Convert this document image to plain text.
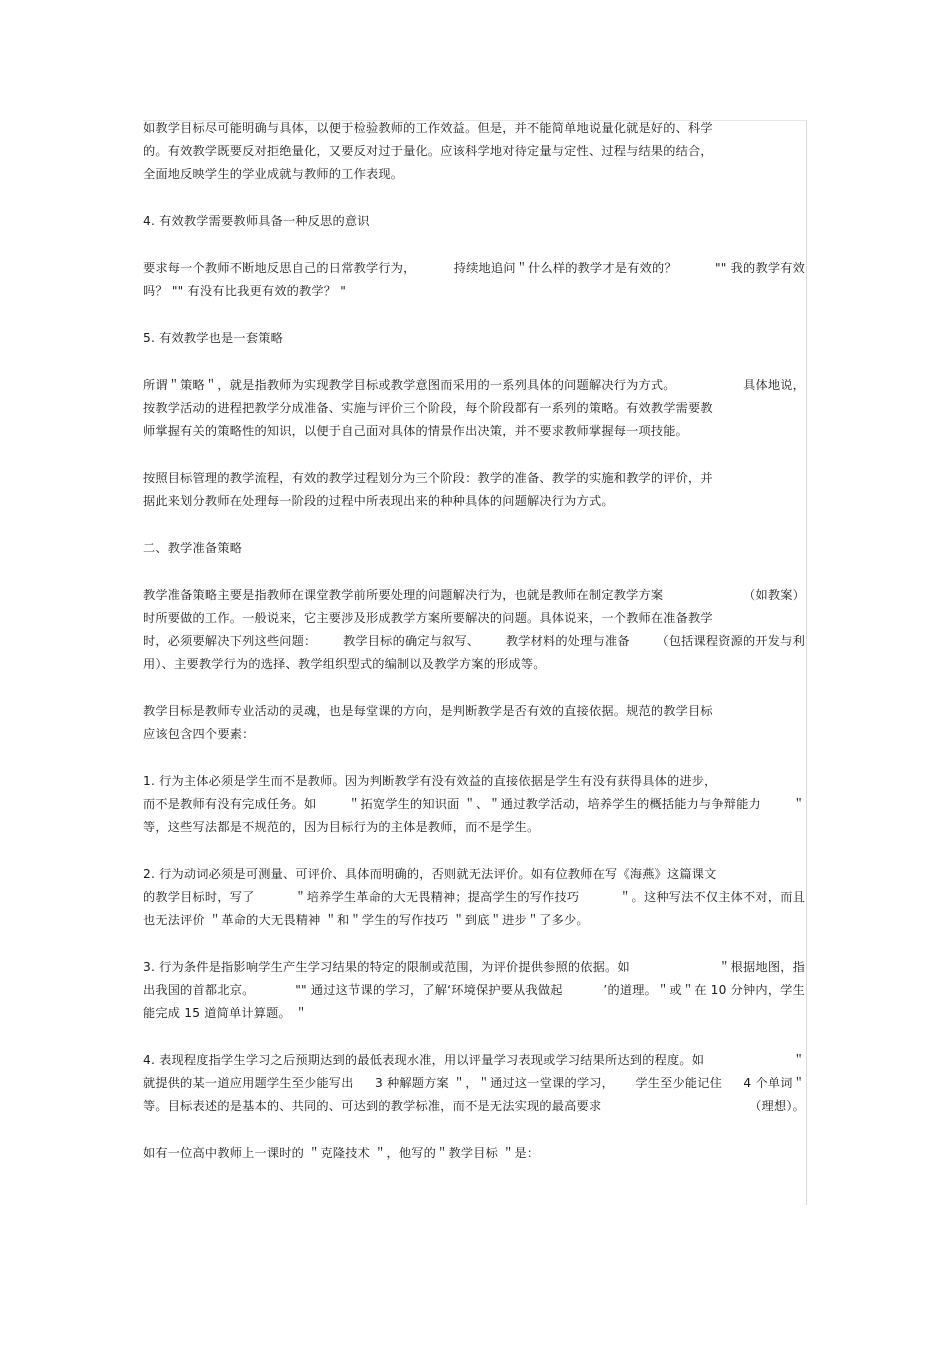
如教学目标尽可能明确与具体，以便于检验教师的工作效益。但是，并不能简单地说量化就是好的、科学
的。有效教学既要反对拒绝量化，又要反对过于量化。应该科学地对待定量与定性、过程与结果的结合，
全面地反映学生的学业成就与教师的工作表现。

4. 有效教学需要教师具备一种反思的意识

要求每一个教师不断地反思自己的日常教学行为，	持续地追问＂什么样的教学才是有效的？	"" 我的教学有效
吗？ "" 有没有比我更有效的教学？ "

5. 有效教学也是一套策略

所谓＂策略＂，就是指教师为实现教学目标或教学意图而采用的一系列具体的问题解决行为方式。	具体地说，
按教学活动的进程把教学分成准备、实施与评价三个阶段，每个阶段都有一系列的策略。有效教学需要教
师掌握有关的策略性的知识，以便于自己面对具体的情景作出决策，并不要求教师掌握每一项技能。

按照目标管理的教学流程，有效的教学过程划分为三个阶段：教学的准备、教学的实施和教学的评价，并
据此来划分教师在处理每一阶段的过程中所表现出来的种种具体的问题解决行为方式。

二、教学准备策略

教学准备策略主要是指教师在课堂教学前所要处理的问题解决行为，也就是教师在制定教学方案	（如教案）
时所要做的工作。一般说来，它主要涉及形成教学方案所要解决的问题。具体说来，一个教师在准备教学
时，必须要解决下列这些问题： 教学目标的确定与叙写、 教学材料的处理与准备 （包括课程资源的开发与利
用）、主要教学行为的选择、教学组织型式的编制以及教学方案的形成等。

教学目标是教师专业活动的灵魂，也是每堂课的方向，是判断教学是否有效的直接依据。规范的教学目标
应该包含四个要素：

1. 行为主体必须是学生而不是教师。因为判断教学有没有效益的直接依据是学生有没有获得具体的进步，
而不是教师有没有完成任务。如	＂拓宽学生的知识面 ＂、＂通过教学活动，培养学生的概括能力与争辩能力	＂
等，这些写法都是不规范的，因为目标行为的主体是教师，而不是学生。

2. 行为动词必须是可测量、可评价、具体而明确的，否则就无法评价。如有位教师在写《海燕》这篇课文
的教学目标时，写了	＂培养学生革命的大无畏精神；提高学生的写作技巧	＂。这种写法不仅主体不对，而且
也无法评价 ＂革命的大无畏精神 ＂和＂学生的写作技巧 ＂到底＂进步＂了多少。

3. 行为条件是指影响学生产生学习结果的特定的限制或范围，为评价提供参照的依据。如	＂根据地图，指
出我国的首都北京。	"" 通过这节课的学习，了解‘环境保护要从我做起	’的道理。＂或＂在 10 分钟内，学生
能完成 15 道简单计算题。 ＂

4. 表现程度指学生学习之后预期达到的最低表现水准，用以评量学习表现或学习结果所达到的程度。如	＂
就提供的某一道应用题学生至少能写出 3 种解题方案 ＂，＂通过这一堂课的学习， 学生至少能记住 4 个单词＂
等。目标表述的是基本的、共同的、可达到的教学标准，而不是无法实现的最高要求	（理想）。

如有一位高中教师上一课时的 ＂克隆技术 ＂，他写的＂教学目标 ＂是：
